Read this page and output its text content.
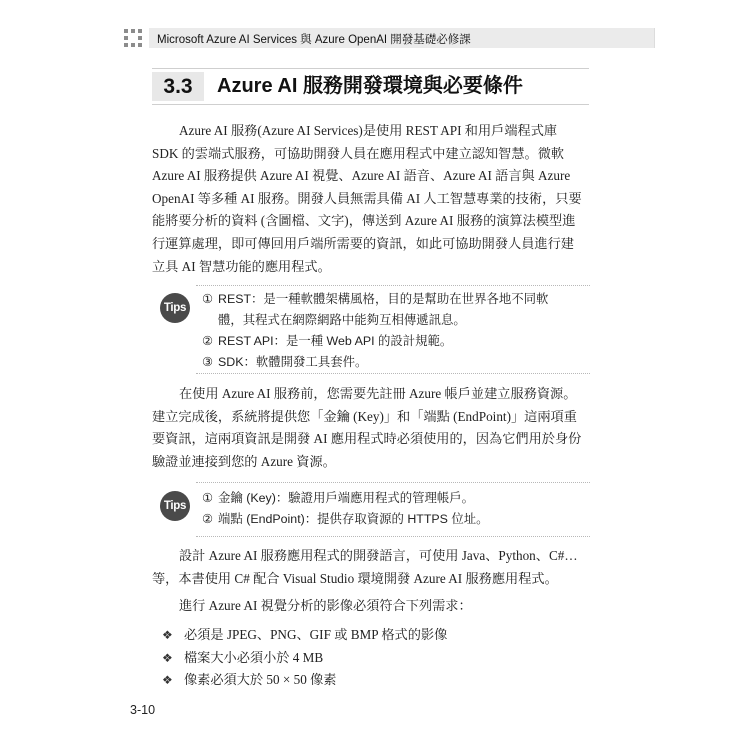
Microsoft Azure AI Services 與 Azure OpenAI 開發基礎必修課
3.3	Azure AI 服務開發環境與必要條件

Azure AI 服務(Azure AI Services)是使用 REST API 和用戶端程式庫
SDK 的雲端式服務，可協助開發人員在應用程式中建立認知智慧。微軟
Azure AI 服務提供 Azure AI 視覺、Azure AI 語音、Azure AI 語言與 Azure
OpenAI 等多種 AI 服務。開發人員無需具備 AI 人工智慧專業的技術，只要
能將要分析的資料 (含圖檔、文字)，傳送到 Azure AI 服務的演算法模型進
行運算處理，即可傳回用戶端所需要的資訊，如此可協助開發人員進行建
立具 AI 智慧功能的應用程式。

Tips
① REST：是一種軟體架構風格，目的是幫助在世界各地不同軟
體，其程式在網際網路中能夠互相傳遞訊息。
② REST API：是一種 Web API 的設計規範。
③ SDK：軟體開發工具套件。

在使用 Azure AI 服務前，您需要先註冊 Azure 帳戶並建立服務資源。
建立完成後，系統將提供您「金鑰 (Key)」和「端點 (EndPoint)」這兩項重
要資訊，這兩項資訊是開發 AI 應用程式時必須使用的，因為它們用於身份
驗證並連接到您的 Azure 資源。

Tips
① 金鑰 (Key)：驗證用戶端應用程式的管理帳戶。
② 端點 (EndPoint)：提供存取資源的 HTTPS 位址。

設計 Azure AI 服務應用程式的開發語言，可使用 Java、Python、C#…
等，本書使用 C# 配合 Visual Studio 環境開發 Azure AI 服務應用程式。

進行 Azure AI 視覺分析的影像必須符合下列需求：

❖ 必須是 JPEG、PNG、GIF 或 BMP 格式的影像
❖ 檔案大小必須小於 4 MB
❖ 像素必須大於 50 × 50 像素
3-10
